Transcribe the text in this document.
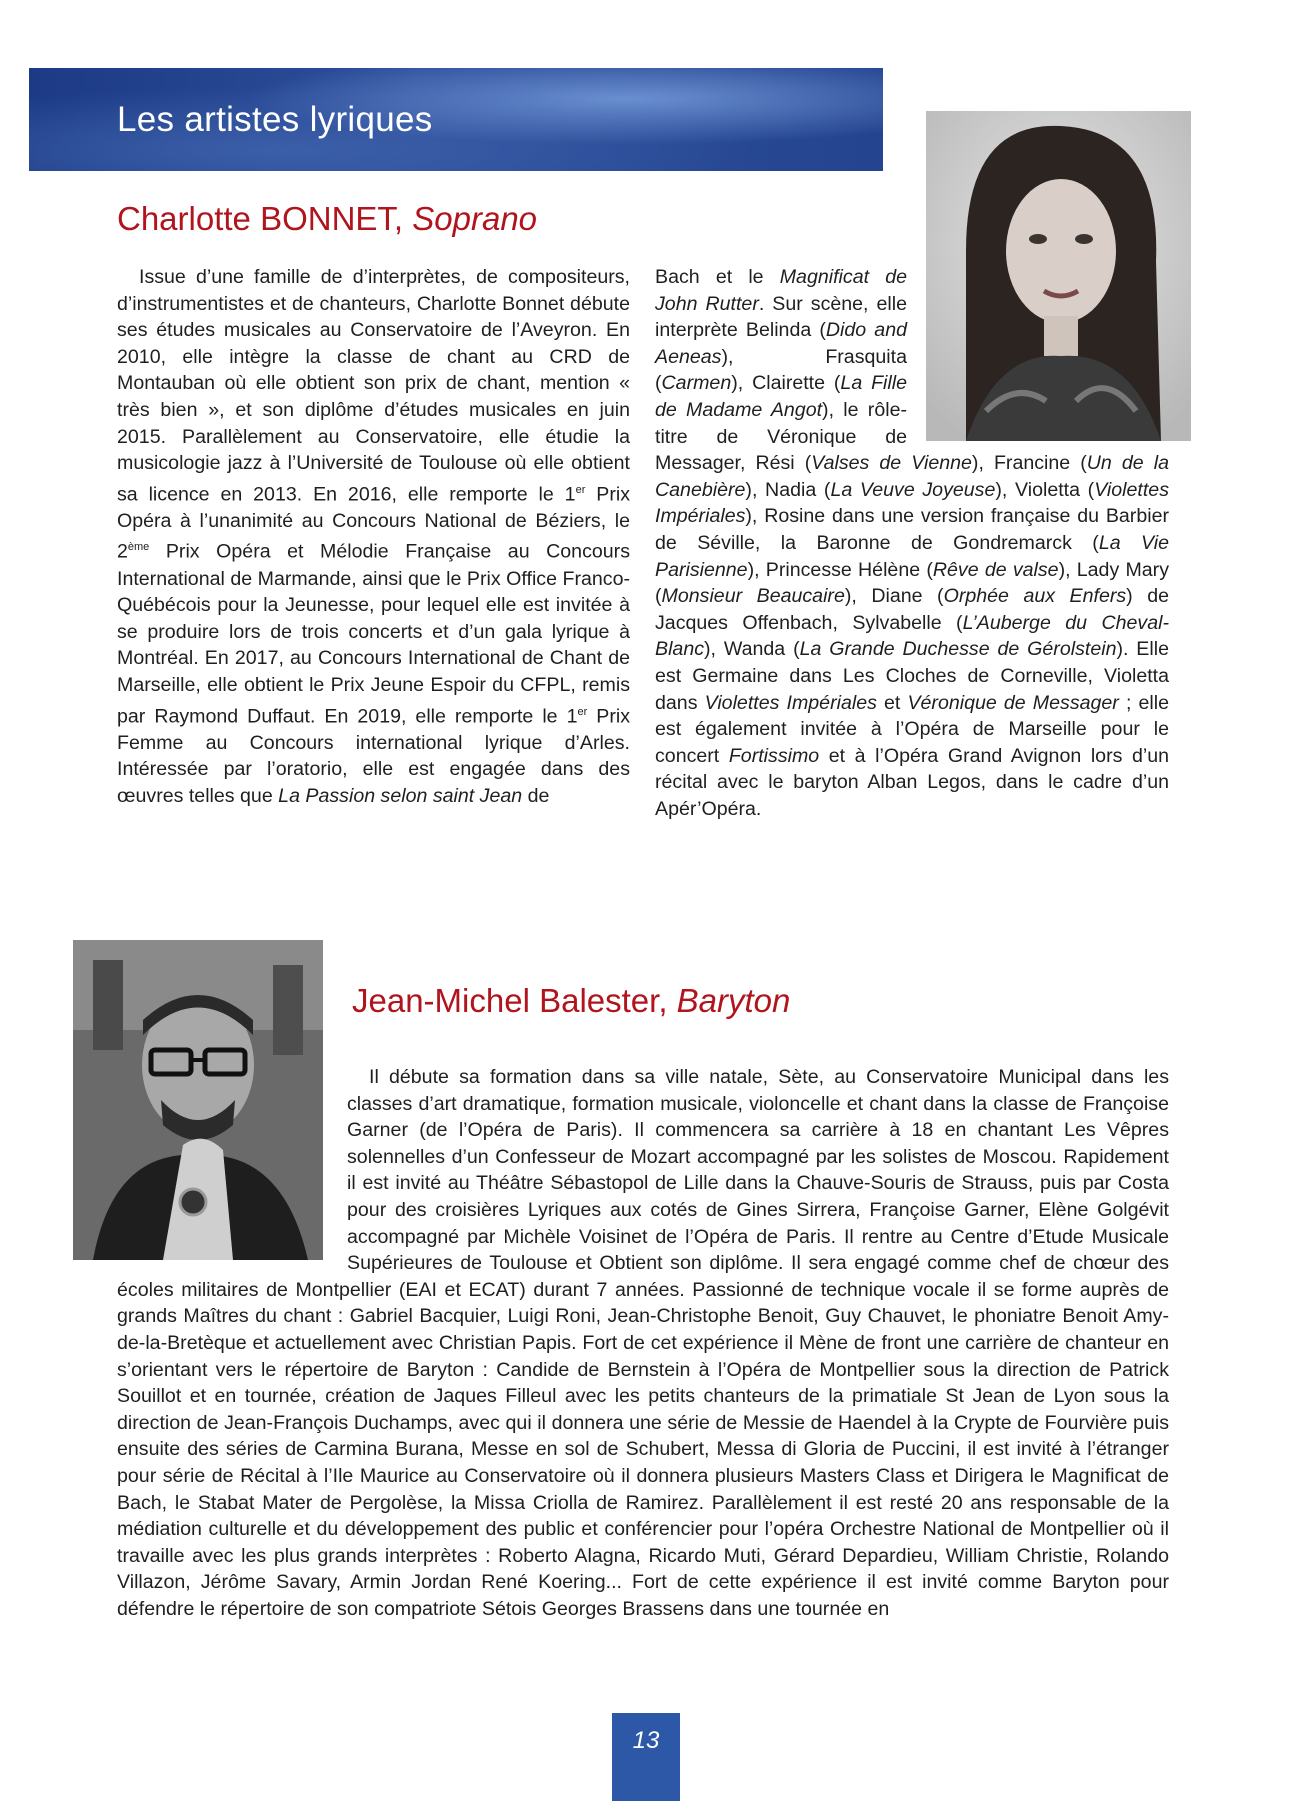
Les artistes lyriques
Charlotte BONNET, Soprano

Issue d’une famille de d’interprètes, de compositeurs, d’instrumentistes et de chanteurs, Charlotte Bonnet débute ses études musicales au Conservatoire de l’Aveyron. En 2010, elle intègre la classe de chant au CRD de Montauban où elle obtient son prix de chant, mention « très bien », et son diplôme d’études musicales en juin 2015. Parallèlement au Conservatoire, elle étudie la musicologie jazz à l’Université de Toulouse où elle obtient sa licence en 2013. En 2016, elle remporte le 1er Prix Opéra à l’unanimité au Concours National de Béziers, le 2ème Prix Opéra et Mélodie Française au Concours International de Marmande, ainsi que le Prix Office Franco-Québécois pour la Jeunesse, pour lequel elle est invitée à se produire lors de trois concerts et d’un gala lyrique à Montréal. En 2017, au Concours International de Chant de Marseille, elle obtient le Prix Jeune Espoir du CFPL, remis par Raymond Duffaut. En 2019, elle remporte le 1er Prix Femme au Concours international lyrique d’Arles. Intéressée par l’oratorio, elle est engagée dans des œuvres telles que La Passion selon saint Jean de

Bach et le Magnificat de John Rutter. Sur scène, elle interprète Belinda (Dido and Aeneas), Frasquita (Carmen), Clairette (La Fille de Madame Angot), le rôle-titre de Véronique de Messager, Rési (Valses de Vienne), Francine (Un de la Canebière), Nadia (La Veuve Joyeuse), Violetta (Violettes Impériales), Rosine dans une version française du Barbier de Séville, la Baronne de Gondremarck (La Vie Parisienne), Princesse Hélène (Rêve de valse), Lady Mary (Monsieur Beaucaire), Diane (Orphée aux Enfers) de Jacques Offenbach, Sylvabelle (L’Auberge du Cheval-Blanc), Wanda (La Grande Duchesse de Gérolstein). Elle est Germaine dans Les Cloches de Corneville, Violetta dans Violettes Impériales et Véronique de Messager ; elle est également invitée à l’Opéra de Marseille pour le concert Fortissimo et à l’Opéra Grand Avignon lors d’un récital avec le baryton Alban Legos, dans le cadre d’un Apér’Opéra.

Jean-Michel Balester, Baryton

Il débute sa formation dans sa ville natale, Sète, au Conservatoire Municipal dans les classes d’art dramatique, formation musicale, violoncelle et chant dans la classe de Françoise Garner (de l’Opéra de Paris). Il commencera sa carrière à 18 en chantant Les Vêpres solennelles d’un Confesseur de Mozart accompagné par les solistes de Moscou. Rapidement il est invité au Théâtre Sébastopol de Lille dans la Chauve-Souris de Strauss, puis par Costa pour des croisières Lyriques aux cotés de Gines Sirrera, Françoise Garner, Elène Golgévit accompagné par Michèle Voisinet de l’Opéra de Paris. Il rentre au Centre d’Etude Musicale Supérieures de Toulouse et Obtient son diplôme. Il sera engagé comme chef de chœur des écoles militaires de Montpellier (EAI et ECAT) durant 7 années. Passionné de technique vocale il se forme auprès de grands Maîtres du chant : Gabriel Bacquier, Luigi Roni, Jean-Christophe Benoit, Guy Chauvet, le phoniatre Benoit Amy-de-la-Bretèque et actuellement avec Christian Papis. Fort de cet expérience il Mène de front une carrière de chanteur en s’orientant vers le répertoire de Baryton : Candide de Bernstein à l’Opéra de Montpellier sous la direction de Patrick Souillot et en tournée, création de Jaques Filleul avec les petits chanteurs de la primatiale St Jean de Lyon sous la direction de Jean-François Duchamps, avec qui il donnera une série de Messie de Haendel à la Crypte de Fourvière puis ensuite des séries de Carmina Burana, Messe en sol de Schubert, Messa di Gloria de Puccini, il est invité à l’étranger pour série de Récital à l’Ile Maurice au Conservatoire où il donnera plusieurs Masters Class et Dirigera le Magnificat de Bach, le Stabat Mater de Pergolèse, la Missa Criolla de Ramirez. Parallèlement il est resté 20 ans responsable de la médiation culturelle et du développement des public et conférencier pour l’opéra Orchestre National de Montpellier où il travaille avec les plus grands interprètes : Roberto Alagna, Ricardo Muti, Gérard Depardieu, William Christie, Rolando Villazon, Jérôme Savary, Armin Jordan René Koering... Fort de cette expérience il est invité comme Baryton pour défendre le répertoire de son compatriote Sétois Georges Brassens dans une tournée en

13
